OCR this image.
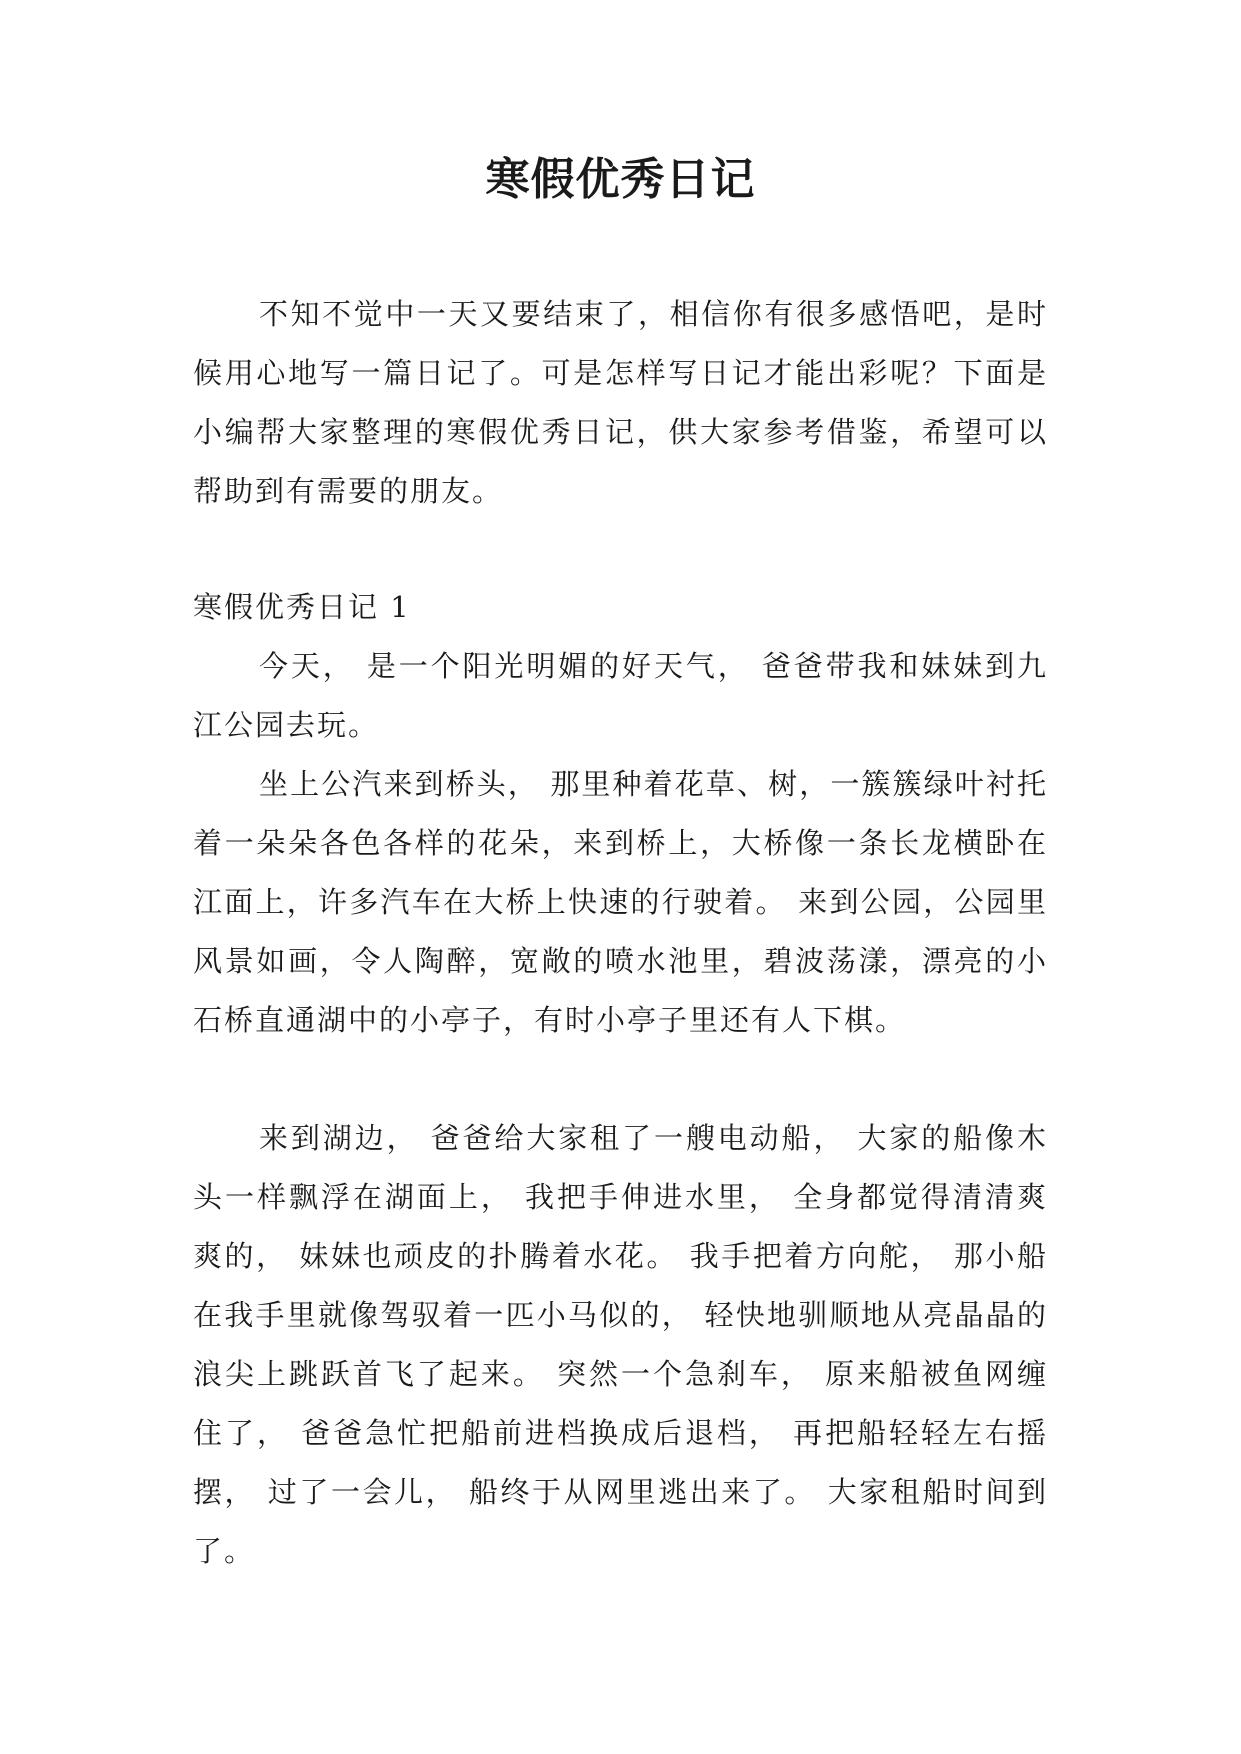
寒假优秀日记

不知不觉中一天又要结束了，相信你有很多感悟吧，是时候用心地写一篇日记了。可是怎样写日记才能出彩呢？下面是小编帮大家整理的寒假优秀日记，供大家参考借鉴，希望可以帮助到有需要的朋友。

寒假优秀日记 1

今天， 是一个阳光明媚的好天气， 爸爸带我和妹妹到九江公园去玩。

坐上公汽来到桥头， 那里种着花草、树，一簇簇绿叶衬托着一朵朵各色各样的花朵，来到桥上，大桥像一条长龙横卧在江面上，许多汽车在大桥上快速的行驶着。 来到公园，公园里风景如画，令人陶醉，宽敞的喷水池里，碧波荡漾，漂亮的小石桥直通湖中的小亭子，有时小亭子里还有人下棋。

来到湖边， 爸爸给大家租了一艘电动船， 大家的船像木头一样飘浮在湖面上， 我把手伸进水里， 全身都觉得清清爽爽的， 妹妹也顽皮的扑腾着水花。 我手把着方向舵， 那小船在我手里就像驾驭着一匹小马似的， 轻快地驯顺地从亮晶晶的浪尖上跳跃首飞了起来。 突然一个急刹车， 原来船被鱼网缠住了， 爸爸急忙把船前进档换成后退档， 再把船轻轻左右摇摆， 过了一会儿， 船终于从网里逃出来了。 大家租船时间到了。
